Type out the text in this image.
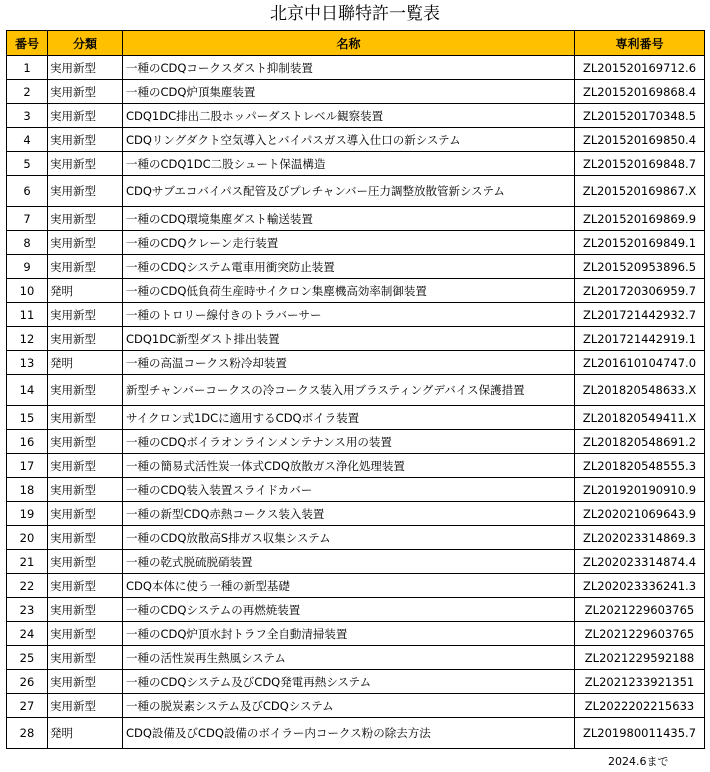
北京中日聯特許一覧表
番号	分類	名称	専利番号
1	実用新型	一種のCDQコークスダスト抑制装置	ZL201520169712.6
2	実用新型	一種のCDQ炉頂集塵装置	ZL201520169868.4
3	実用新型	CDQ1DC排出二股ホッパーダストレベル観察装置	ZL201520170348.5
4	実用新型	CDQリングダクト空気導入とバイパスガス導入仕口の新システム	ZL201520169850.4
5	実用新型	一種のCDQ1DC二股シュート保温構造	ZL201520169848.7
6	実用新型	CDQサブエコバイパス配管及びプレチャンバー圧力調整放散管新システム	ZL201520169867.X
7	実用新型	一種のCDQ環境集塵ダスト輸送装置	ZL201520169869.9
8	実用新型	一種のCDQクレーン走行装置	ZL201520169849.1
9	実用新型	一種のCDQシステム電車用衝突防止装置	ZL201520953896.5
10	発明	一種のCDQ低負荷生産時サイクロン集塵機高効率制御装置	ZL201720306959.7
11	実用新型	一種のトロリー線付きのトラバーサー	ZL201721442932.7
12	実用新型	CDQ1DC新型ダスト排出装置	ZL201721442919.1
13	発明	一種の高温コークス粉冷却装置	ZL201610104747.0
14	実用新型	新型チャンバーコークスの冷コークス装入用ブラスティングデバイス保護措置	ZL201820548633.X
15	実用新型	サイクロン式1DCに適用するCDQボイラ装置	ZL201820549411.X
16	実用新型	一種のCDQボイラオンラインメンテナンス用の装置	ZL201820548691.2
17	実用新型	一種の簡易式活性炭一体式CDQ放散ガス浄化処理装置	ZL201820548555.3
18	実用新型	一種のCDQ装入装置スライドカバー	ZL201920190910.9
19	実用新型	一種の新型CDQ赤熱コークス装入装置	ZL202021069643.9
20	実用新型	一種のCDQ放散高S排ガス収集システム	ZL202023314869.3
21	実用新型	一種の乾式脱硫脱硝装置	ZL202023314874.4
22	実用新型	CDQ本体に使う一種の新型基礎	ZL202023336241.3
23	実用新型	一種のCDQシステムの再燃焼装置	ZL2021229603765
24	実用新型	一種のCDQ炉頂水封トラフ全自動清掃装置	ZL2021229603765
25	実用新型	一種の活性炭再生熱風システム	ZL2021229592188
26	実用新型	一種のCDQシステム及びCDQ発電再熱システム	ZL2021233921351
27	実用新型	一種の脱炭素システム及びCDQシステム	ZL2022202215633
28	発明	CDQ設備及びCDQ設備のボイラー内コークス粉の除去方法	ZL201980011435.7
2024.6まで
